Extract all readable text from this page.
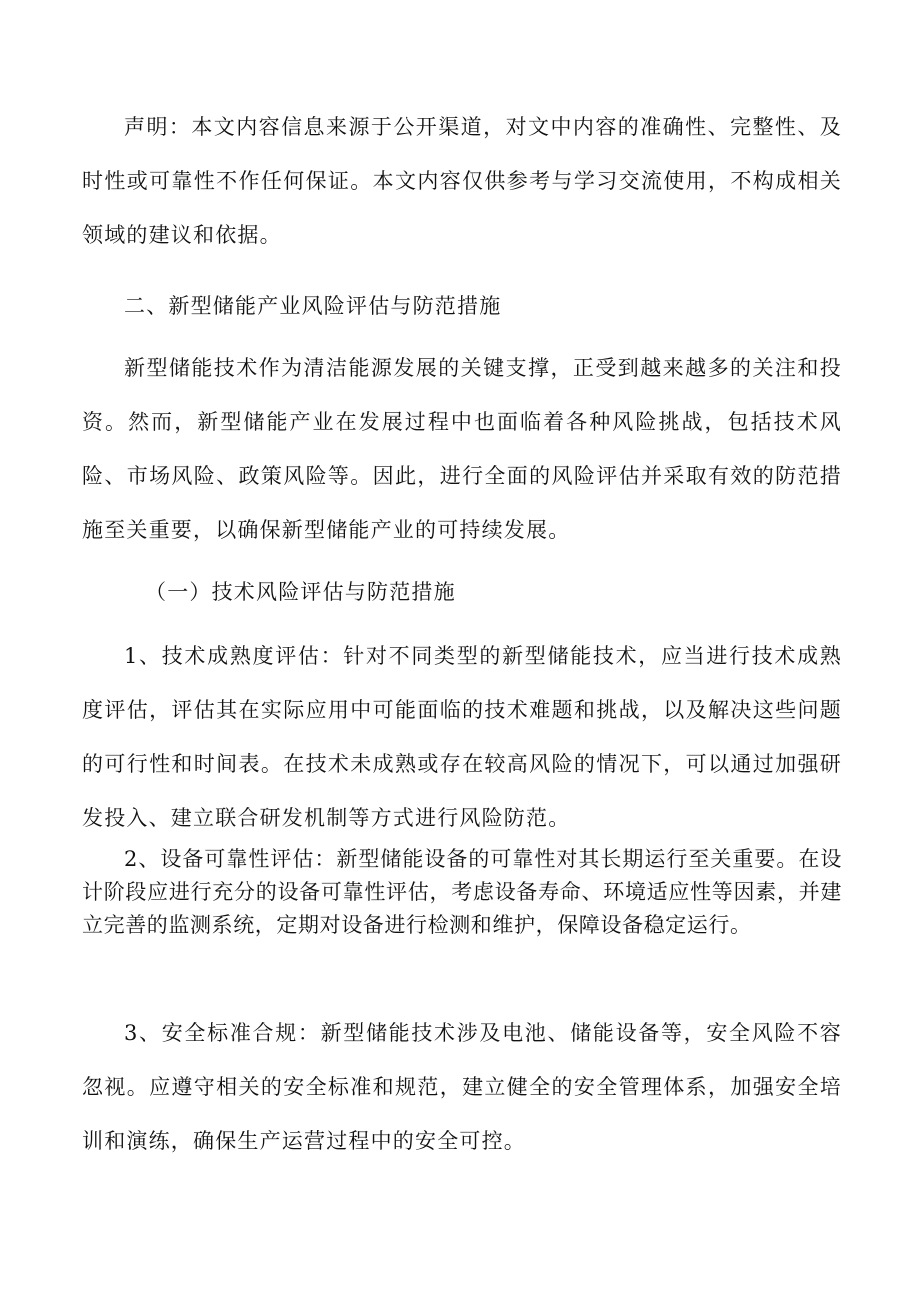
声明：本文内容信息来源于公开渠道，对文中内容的准确性、完整性、及时性或可靠性不作任何保证。本文内容仅供参考与学习交流使用，不构成相关领域的建议和依据。

二、新型储能产业风险评估与防范措施

新型储能技术作为清洁能源发展的关键支撑，正受到越来越多的关注和投资。然而，新型储能产业在发展过程中也面临着各种风险挑战，包括技术风险、市场风险、政策风险等。因此，进行全面的风险评估并采取有效的防范措施至关重要，以确保新型储能产业的可持续发展。

（一）技术风险评估与防范措施

1、技术成熟度评估：针对不同类型的新型储能技术，应当进行技术成熟度评估，评估其在实际应用中可能面临的技术难题和挑战，以及解决这些问题的可行性和时间表。在技术未成熟或存在较高风险的情况下，可以通过加强研发投入、建立联合研发机制等方式进行风险防范。

2、设备可靠性评估：新型储能设备的可靠性对其长期运行至关重要。在设计阶段应进行充分的设备可靠性评估，考虑设备寿命、环境适应性等因素，并建立完善的监测系统，定期对设备进行检测和维护，保障设备稳定运行。

3、安全标准合规：新型储能技术涉及电池、储能设备等，安全风险不容忽视。应遵守相关的安全标准和规范，建立健全的安全管理体系，加强安全培训和演练，确保生产运营过程中的安全可控。
